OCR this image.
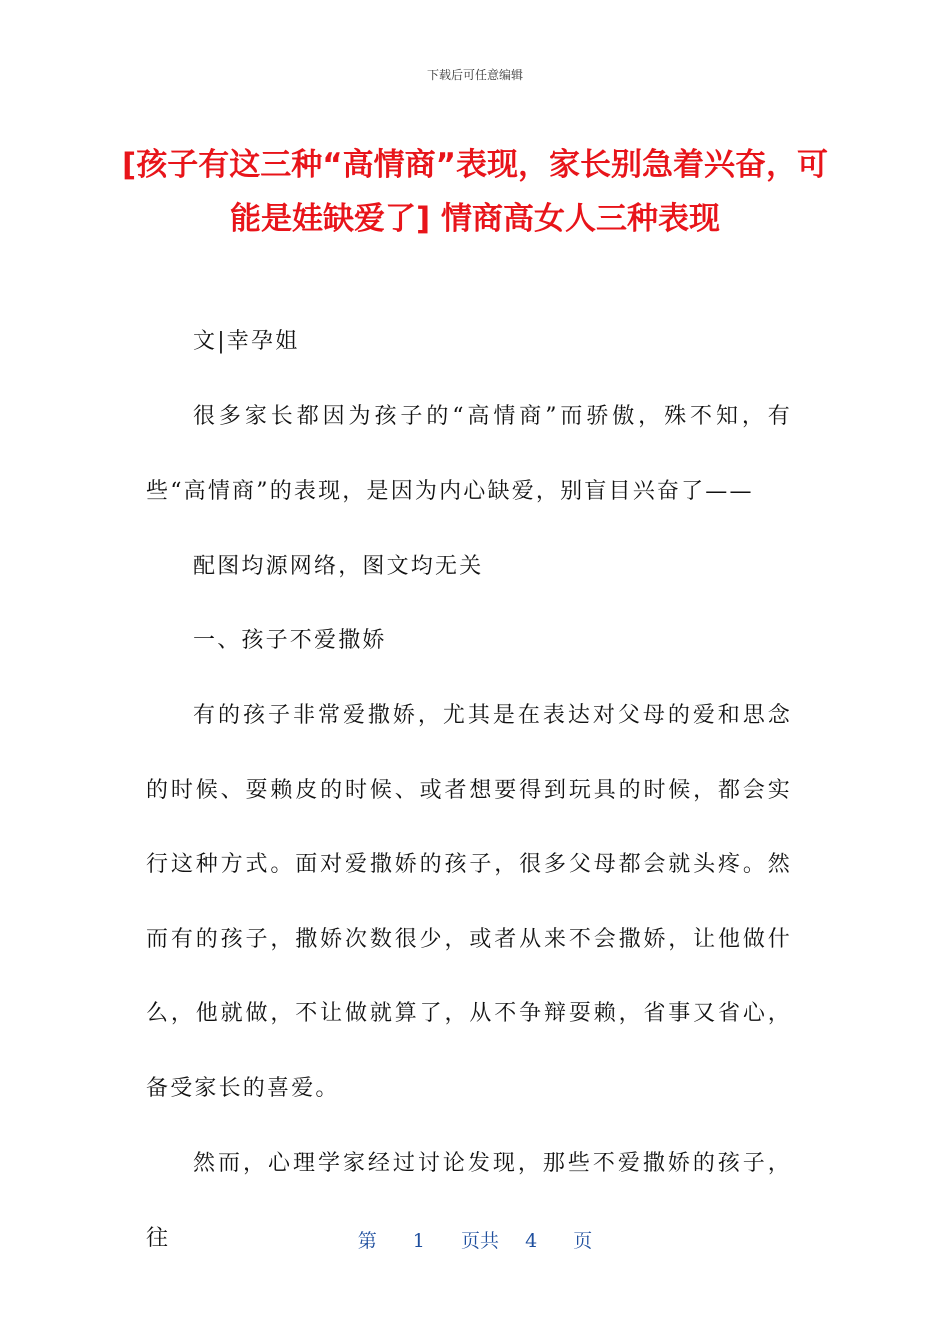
下载后可任意编辑
[孩子有这三种“高情商”表现，家长别急着兴奋，可能是娃缺爱了] 情商高女人三种表现

文|幸孕姐

很多家长都因为孩子的“高情商”而骄傲，殊不知，有些“高情商”的表现，是因为内心缺爱，别盲目兴奋了——

配图均源网络，图文均无关

一、孩子不爱撒娇

有的孩子非常爱撒娇，尤其是在表达对父母的爱和思念的时候、耍赖皮的时候、或者想要得到玩具的时候，都会实行这种方式。面对爱撒娇的孩子，很多父母都会就头疼。然而有的孩子，撒娇次数很少，或者从来不会撒娇，让他做什么，他就做，不让做就算了，从不争辩耍赖，省事又省心，备受家长的喜爱。

然而，心理学家经过讨论发现，那些不爱撒娇的孩子，往	第 1 页共 4 页
